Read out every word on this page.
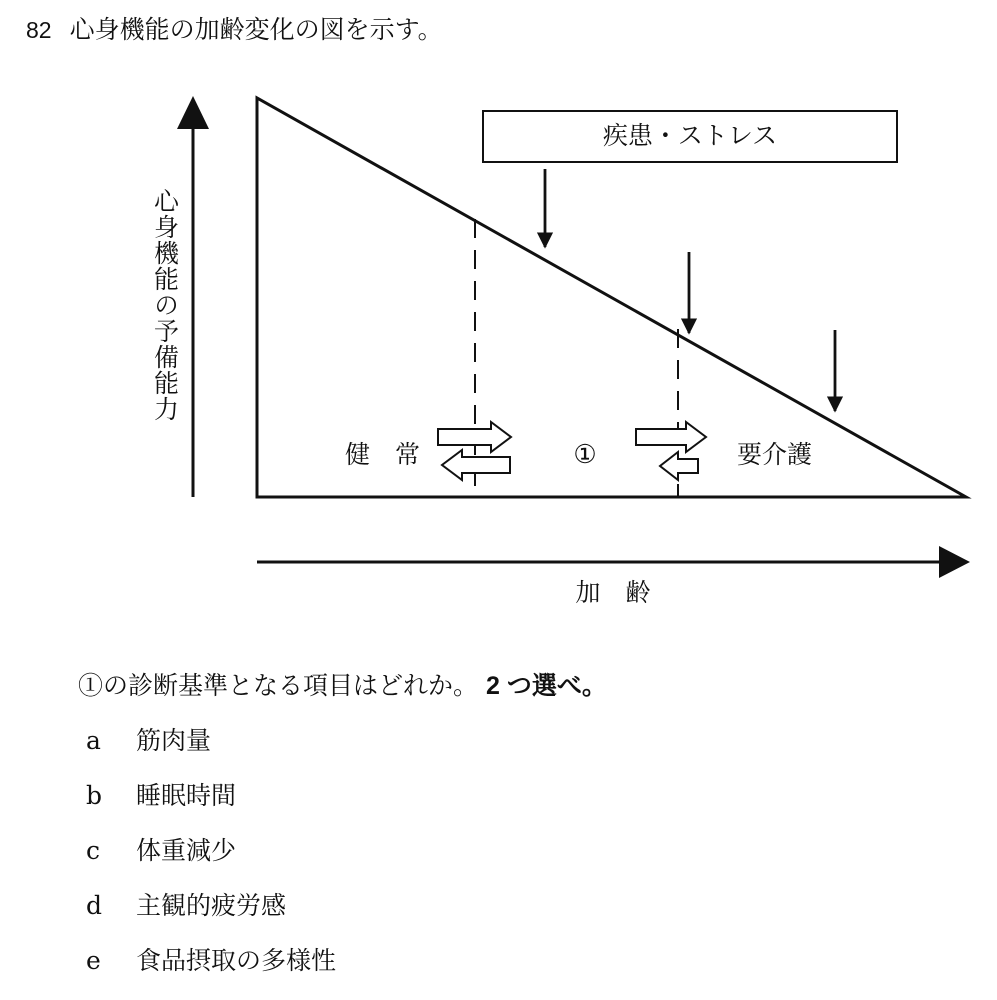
82 心身機能の加齢変化の図を示す。
心身機能の予備能力
疾患・ストレス
健　常	①	要介護
加　齢
①の診断基準となる項目はどれか。 2 つ選べ。
a 筋肉量
b 睡眠時間
c 体重減少
d 主観的疲労感
e 食品摂取の多様性
